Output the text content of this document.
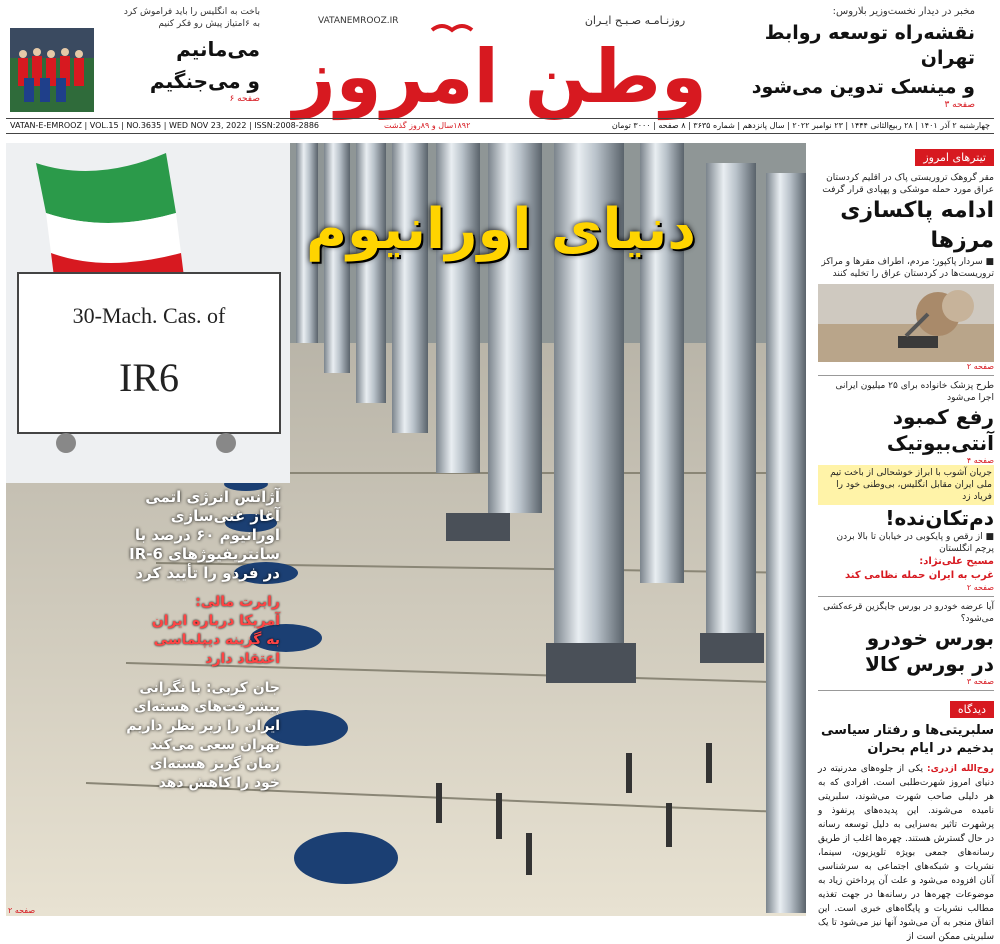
روزنـامـه صـبـح ایـران
VATANEMROOZ.IR
وطن امروز
مخبر در دیدار نخست‌وزیر بلاروس:
نقشه‌راه توسعه روابط تهران
و مینسک تدوین می‌شود
صفحه ۳
باخت به انگلیس را باید فراموش کرد
به ۶امتیاز پیش رو فکر کنیم
می‌مانیم
و می‌جنگیم
صفحه ۶
VATAN-E-EMROOZ | VOL.15 | NO.3635 | WED NOV 23, 2022 | ISSN:2008-2886	۱۸۹۲سال و ۸۹روز گذشت	چهارشنبه ۲ آذر ۱۴۰۱ | ۲۸ ربیع‌الثانی ۱۴۴۴ | ۲۳ نوامبر ۲۰۲۲ | سال پانزدهم | شماره ۳۶۳۵ | ۸ صفحه | ۳۰۰۰ تومان
30-Mach. Cas. of
IR6
دنیای اورانیوم
آژانس انرژی اتمی
آغاز غنی‌سازی
اورانیوم ۶۰ درصد با
سانتریفیوژهای IR-6
در فردو را تأیید کرد
رابرت مالی:
آمریکا درباره ایران
به گزینه دیپلماسی
اعتقاد دارد
جان کربی: با نگرانی
پیشرفت‌های هسته‌ای
ایران را زیر نظر داریم
تهران سعی می‌کند
زمان گریز هسته‌ای
خود را کاهش دهد
صفحه ۲
تیترهای امروز
مقر گروهک تروریستی پاک در اقلیم کردستان عراق مورد حمله موشکی و پهپادی قرار گرفت
ادامه پاکسازی
مرزها
■ سردار پاکپور: مردم، اطراف مقرها و مراکز تروریست‌ها در کردستان عراق را تخلیه کنند
صفحه ۲
طرح پزشک خانواده برای ۲۵ میلیون ایرانی اجرا می‌شود
رفع کمبود
آنتی‌بیوتیک
صفحه ۴
جریان آشوب با ابراز خوشحالی از باخت تیم ملی ایران مقابل انگلیس، بی‌وطنی خود را فریاد زد
دم‌تکان‌نده!
■ از رقص و پایکوبی در خیابان تا بالا بردن پرچم انگلستان
مسیح علی‌نژاد:
غرب به ایران حمله نظامی کند
صفحه ۲
آیا عرضه خودرو در بورس جایگزین قرعه‌کشی می‌شود؟
بورس خودرو
در بورس کالا
صفحه ۳
دیدگاه
سلبریتی‌ها و رفتار سیاسی
بدخیم در ایام بحران
روح‌الله ازدری: یکی از جلوه‌های مدرنیته در دنیای امروز شهرت‌طلبی است. افرادی که به هر دلیلی صاحب شهرت می‌شوند، سلبریتی نامیده می‌شوند. این پدیده‌های پرنفوذ و پرشهرت تاثیر به‌سزایی به دلیل توسعه رسانه در حال گسترش هستند. چهره‌ها اغلب از طریق رسانه‌های جمعی بویژه تلویزیون، سینما، نشریات و شبکه‌های اجتماعی به سرشناسی آنان افزوده می‌شود و علت آن پرداختن زیاد به موضوعات چهره‌ها در رسانه‌ها در جهت تغذیه مطالب نشریات و پایگاه‌های خبری است. این اتفاق منجر به آن می‌شود آنها نیز می‌شود تا یک سلبریتی ممکن است از
